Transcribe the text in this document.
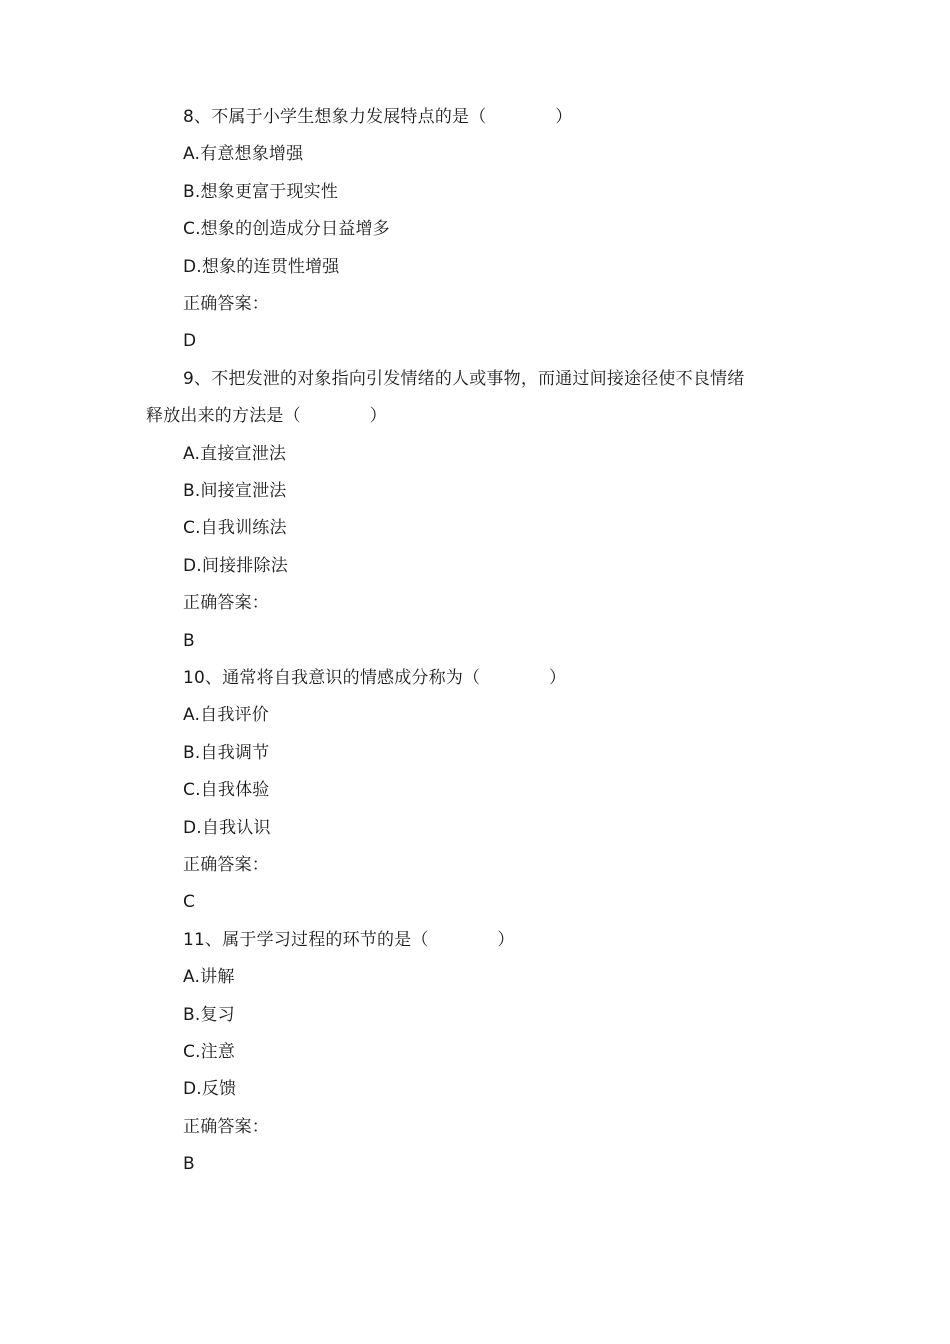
8、不属于小学生想象力发展特点的是（　　　　）
A.有意想象增强
B.想象更富于现实性
C.想象的创造成分日益增多
D.想象的连贯性增强
正确答案：
D
9、不把发泄的对象指向引发情绪的人或事物，而通过间接途径使不良情绪
释放出来的方法是（　　　　）
A.直接宣泄法
B.间接宣泄法
C.自我训练法
D.间接排除法
正确答案：
B
10、通常将自我意识的情感成分称为（　　　　）
A.自我评价
B.自我调节
C.自我体验
D.自我认识
正确答案：
C
11、属于学习过程的环节的是（　　　　）
A.讲解
B.复习
C.注意
D.反馈
正确答案：
B
